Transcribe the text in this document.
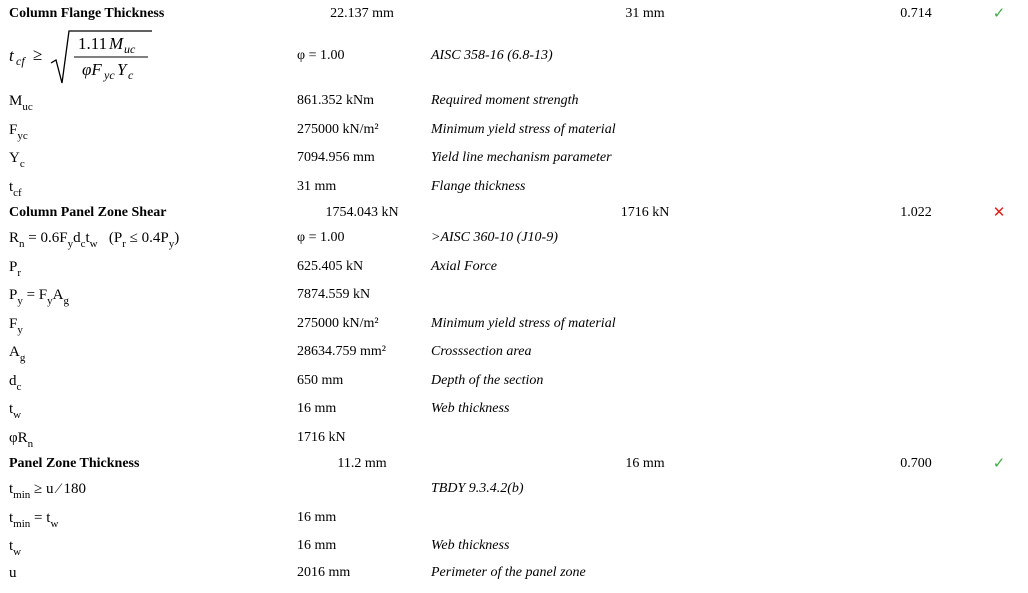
Column Flange Thickness	22.137 mm	31 mm	0.714	✓
t cf ≥
1.11 M uc
φF yc Y c
φ = 1.00	AISC 358-16 (6.8-13)
$M_{uc}$	861.352 kNm	Required moment strength
$F_{yc}$	275000 kN/m²	Minimum yield stress of material
$Y_c$	7094.956 mm	Yield line mechanism parameter
$t_{cf}$	31 mm	Flange thickness
Column Panel Zone Shear	1754.043 kN	1716 kN	1.022	✕
$R_n = 0.6F_yd_ct_w$   $(P_r \le 0.4P_y)$	φ = 1.00	>AISC 360-10 (J10-9)
$P_r$	625.405 kN	Axial Force
$P_y = F_yA_g$	7874.559 kN
$F_y$	275000 kN/m²	Minimum yield stress of material
$A_g$	28634.759 mm²	Crosssection area
$d_c$	650 mm	Depth of the section
$t_w$	16 mm	Web thickness
$\varphi R_n$	1716 kN
Panel Zone Thickness	11.2 mm	16 mm	0.700	✓
$t_{min} \ge u$ ⁄ 180	TBDY 9.3.4.2(b)
$t_{min} = t_w$	16 mm
$t_w$	16 mm	Web thickness
u	2016 mm	Perimeter of the panel zone
